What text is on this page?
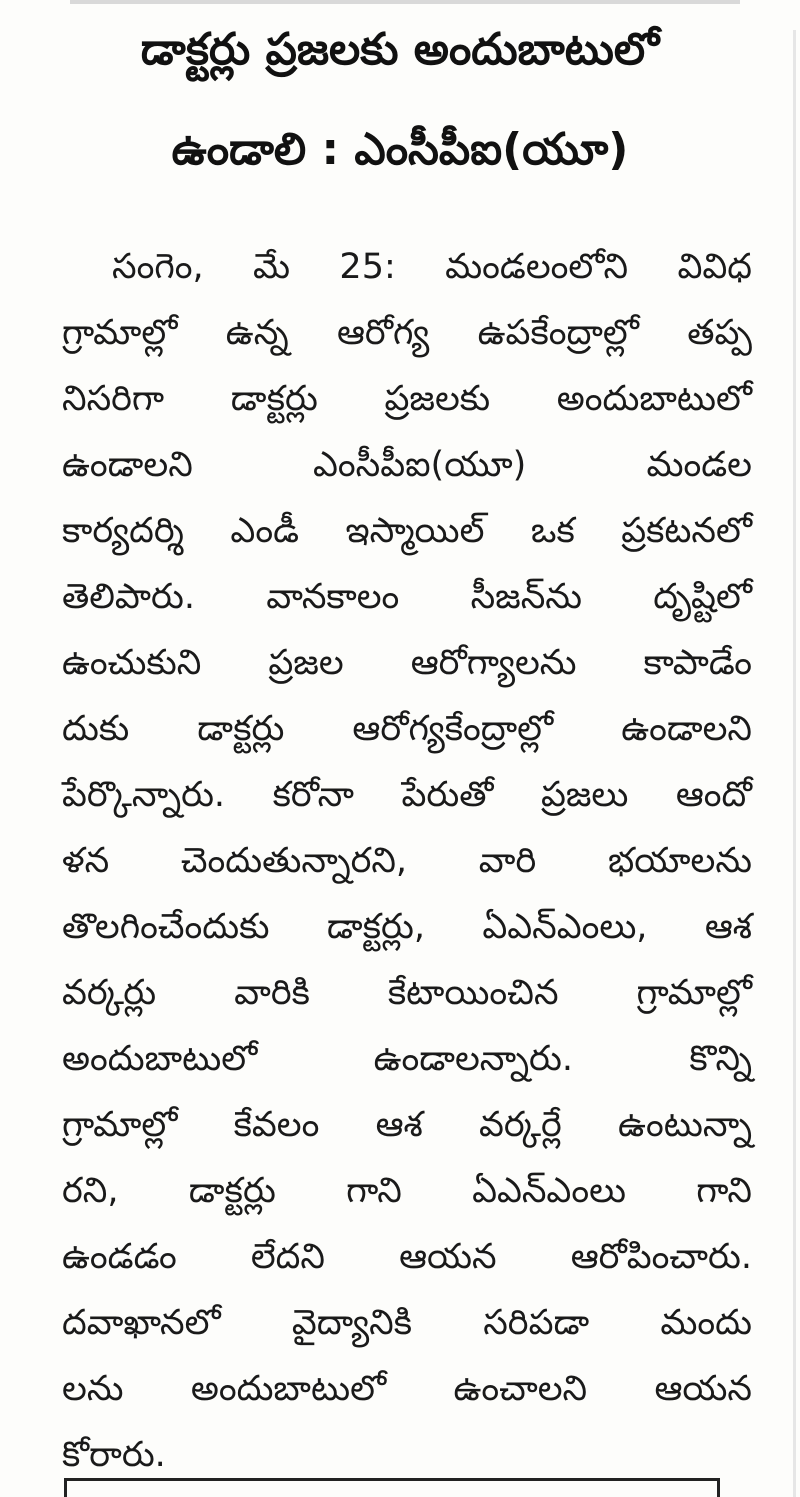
డాక్టర్లు ప్రజలకు అందుబాటులో
ఉండాలి : ఎంసీపీఐ(యూ)
సంగెం, మే 25: మండలంలోని వివిధ
గ్రామాల్లో ఉన్న ఆరోగ్య ఉపకేంద్రాల్లో తప్ప
నిసరిగా డాక్టర్లు ప్రజలకు అందుబాటులో
ఉండాలని ఎంసీపీఐ(యూ) మండల
కార్యదర్శి ఎండీ ఇస్మాయిల్ ఒక ప్రకటనలో
తెలిపారు. వానకాలం సీజన్‌ను దృష్టిలో
ఉంచుకుని ప్రజల ఆరోగ్యాలను కాపాడేం
దుకు డాక్టర్లు ఆరోగ్యకేంద్రాల్లో ఉండాలని
పేర్కొన్నారు. కరోనా పేరుతో ప్రజలు ఆందో
ళన చెందుతున్నారని, వారి భయాలను
తొలగించేందుకు డాక్టర్లు, ఏఎన్‌ఎంలు, ఆశ
వర్కర్లు వారికి కేటాయించిన గ్రామాల్లో
అందుబాటులో ఉండాలన్నారు. కొన్ని
గ్రామాల్లో కేవలం ఆశ వర్కర్లే ఉంటున్నా
రని, డాక్టర్లు గాని ఏఎన్‌ఎంలు గాని
ఉండడం లేదని ఆయన ఆరోపించారు.
దవాఖానలో వైద్యానికి సరిపడా మందు
లను అందుబాటులో ఉంచాలని ఆయన
కోరారు.
